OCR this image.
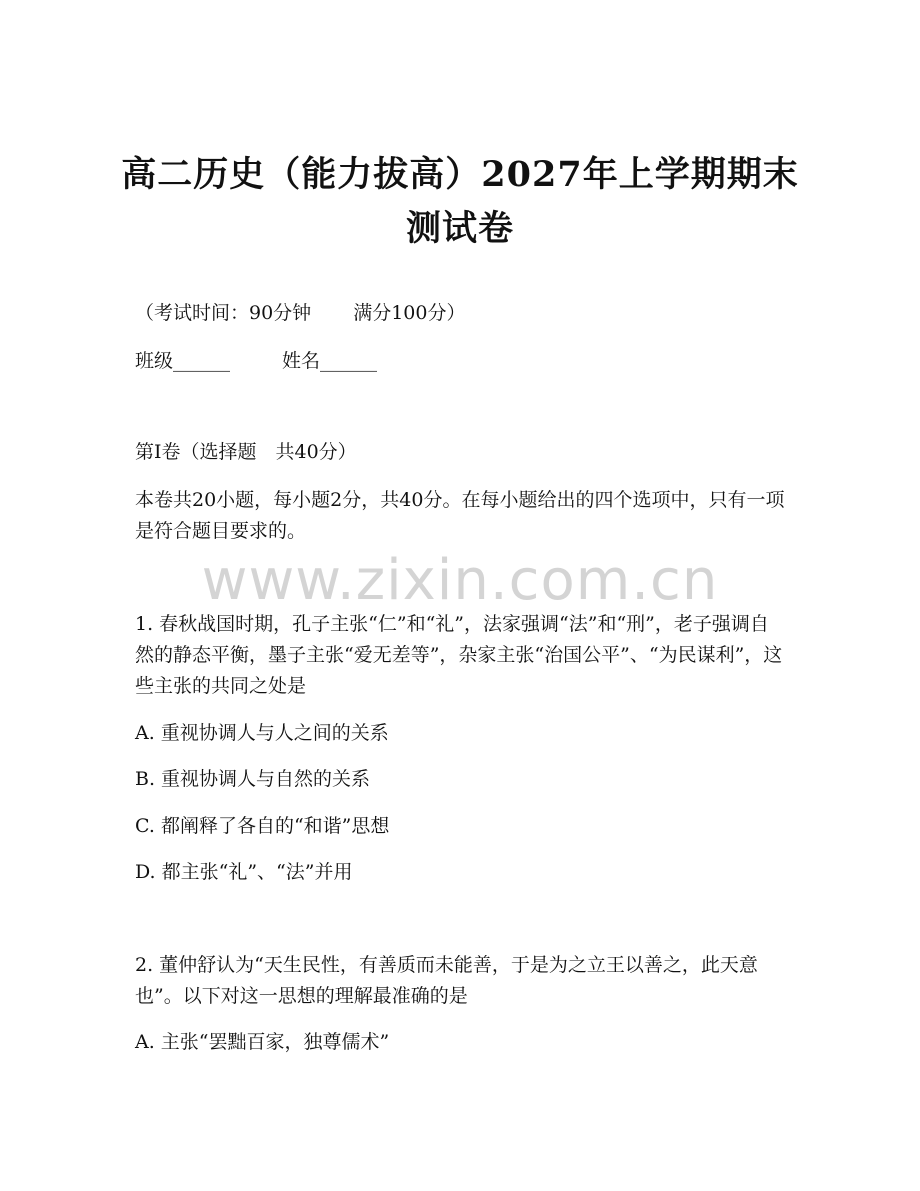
高二历史（能力拔高）2027年上学期期末测试卷
（考试时间：90分钟 满分100分）
班级______	姓名______
第Ⅰ卷（选择题　共40分）
本卷共20小题，每小题2分，共40分。在每小题给出的四个选项中，只有一项是符合题目要求的。
www.zixin.com.cn
1. 春秋战国时期，孔子主张“仁”和“礼”，法家强调“法”和“刑”，老子强调自然的静态平衡，墨子主张“爱无差等”，杂家主张“治国公平”、“为民谋利”，这些主张的共同之处是
A. 重视协调人与人之间的关系
B. 重视协调人与自然的关系
C. 都阐释了各自的“和谐”思想
D. 都主张“礼”、“法”并用
2. 董仲舒认为“天生民性，有善质而未能善，于是为之立王以善之，此天意也”。以下对这一思想的理解最准确的是
A. 主张“罢黜百家，独尊儒术”
